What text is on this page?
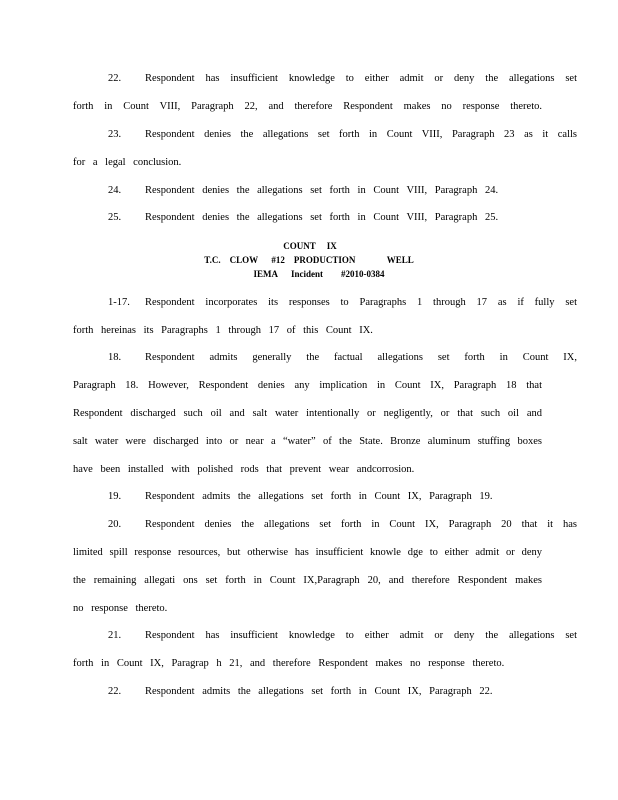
22. Respondent has insufficient knowledge to either admit or deny the allegations set
forth in Count VIII, Paragraph 22, and therefore Respondent makes no response thereto.
23. Respondent denies the allegations set forth in Count VIII, Paragraph 23 as it calls
for a legal conclusion.
24. Respondent denies the allegations set forth in Count VIII, Paragraph 24.
25. Respondent denies the allegations set forth in Count VIII, Paragraph 25.
COUNT     IX
T.C.    CLOW      #12    PRODUCTION              WELL
IEMA      Incident        #2010-0384
1-17. Respondent incorporates its responses to Paragraphs 1 through 17 as if fully set
forth hereinas its Paragraphs 1 through 17 of this Count IX.
18. Respondent admits generally the factual allegations set forth in Count IX,
Paragraph 18. However, Respondent denies any implication in Count IX, Paragraph 18 that
Respondent discharged such oil and salt water intentionally or negligently, or that such oil and
salt water were discharged into or near a “water” of the State. Bronze aluminum stuffing boxes
have been installed with polished rods that prevent wear andcorrosion.
19. Respondent admits the allegations set forth in Count IX, Paragraph 19.
20. Respondent denies the allegations set forth in Count IX, Paragraph 20 that it has
limited spill response resources, but otherwise has insufficient knowle dge to either admit or deny
the remaining allegati ons set forth in Count IX,Paragraph 20, and therefore Respondent makes
no response thereto.
21. Respondent has insufficient knowledge to either admit or deny the allegations set
forth in Count IX, Paragrap h 21, and therefore Respondent makes no response thereto.
22. Respondent admits the allegations set forth in Count IX, Paragraph 22.
